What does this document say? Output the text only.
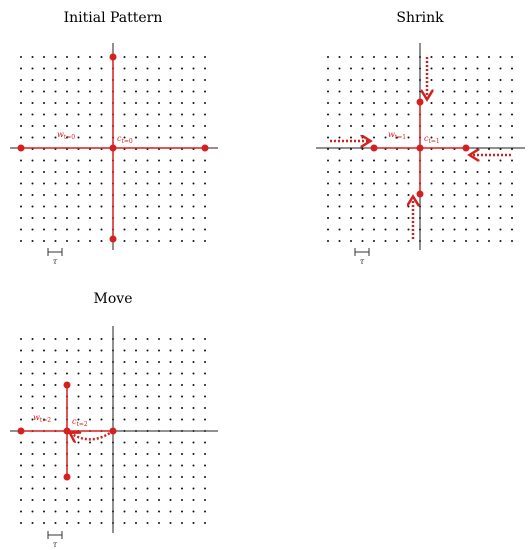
Initial Pattern
wt=0	ct=0
τ
Shrink
wt=1 ct=1
τ
Move
wt=2	ct=2
τ
